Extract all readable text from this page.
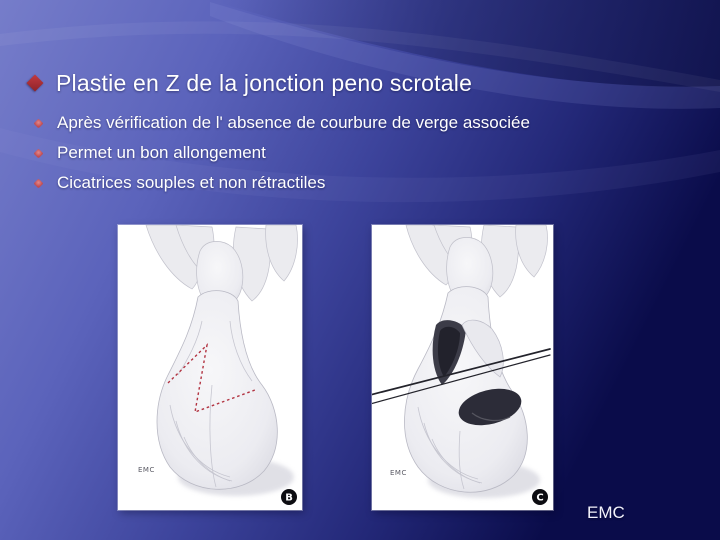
Plastie en Z de la jonction peno scrotale
Après vérification de l' absence de courbure de verge associée
Permet un bon allongement
Cicatrices souples et non rétractiles
EMC
B
EMC
C
EMC
